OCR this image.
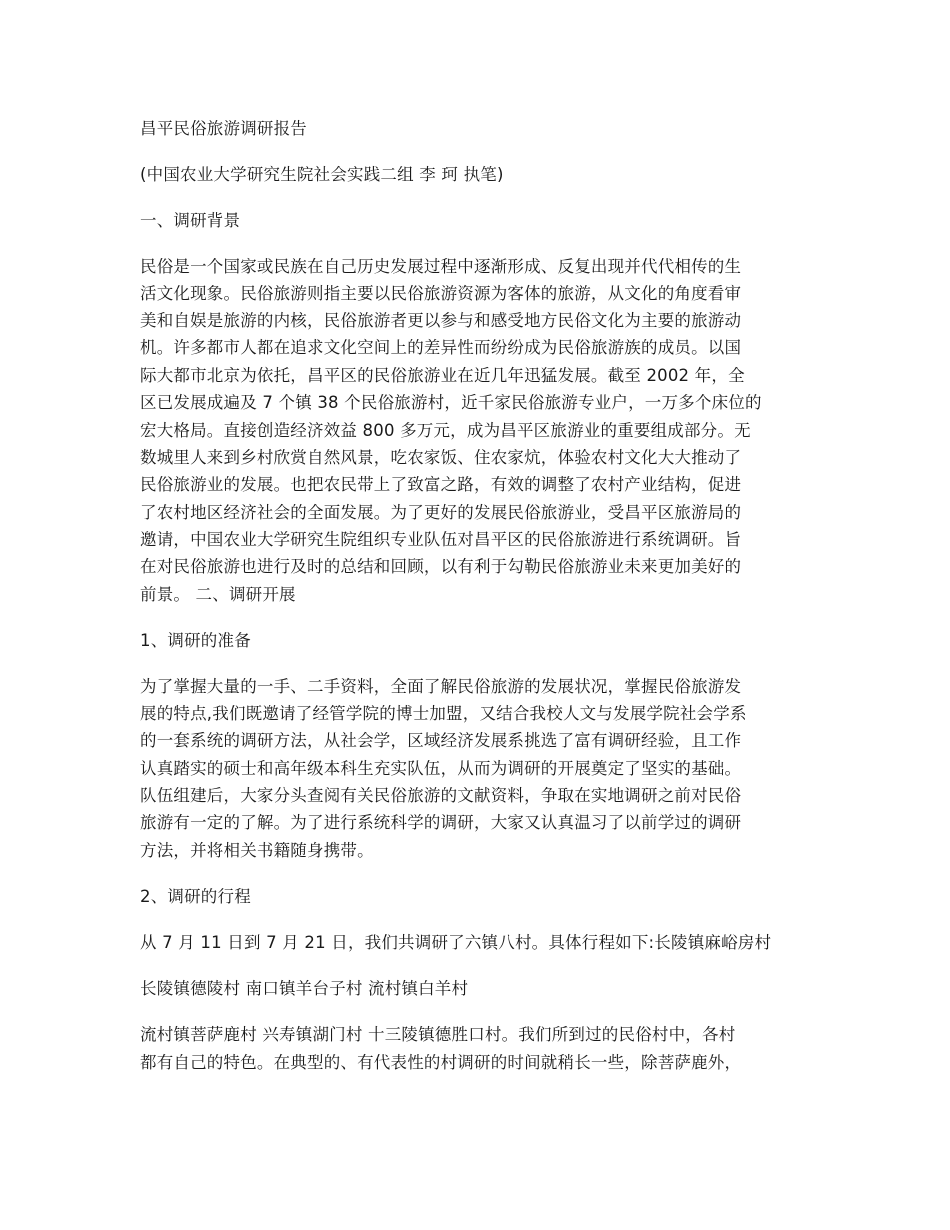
昌平民俗旅游调研报告
(中国农业大学研究生院社会实践二组 李 珂 执笔)
一、调研背景
民俗是一个国家或民族在自己历史发展过程中逐渐形成、反复出现并代代相传的生
活文化现象。民俗旅游则指主要以民俗旅游资源为客体的旅游，从文化的角度看审
美和自娱是旅游的内核，民俗旅游者更以参与和感受地方民俗文化为主要的旅游动
机。许多都市人都在追求文化空间上的差异性而纷纷成为民俗旅游族的成员。以国
际大都市北京为依托，昌平区的民俗旅游业在近几年迅猛发展。截至 2002 年，全
区已发展成遍及 7 个镇 38 个民俗旅游村，近千家民俗旅游专业户，一万多个床位的
宏大格局。直接创造经济效益 800 多万元，成为昌平区旅游业的重要组成部分。无
数城里人来到乡村欣赏自然风景，吃农家饭、住农家炕，体验农村文化大大推动了
民俗旅游业的发展。也把农民带上了致富之路，有效的调整了农村产业结构，促进
了农村地区经济社会的全面发展。为了更好的发展民俗旅游业，受昌平区旅游局的
邀请，中国农业大学研究生院组织专业队伍对昌平区的民俗旅游进行系统调研。旨
在对民俗旅游也进行及时的总结和回顾，以有利于勾勒民俗旅游业未来更加美好的
前景。 二、调研开展
1、调研的准备
为了掌握大量的一手、二手资料，全面了解民俗旅游的发展状况，掌握民俗旅游发
展的特点,我们既邀请了经管学院的博士加盟，又结合我校人文与发展学院社会学系
的一套系统的调研方法，从社会学，区域经济发展系挑选了富有调研经验，且工作
认真踏实的硕士和高年级本科生充实队伍，从而为调研的开展奠定了坚实的基础。
队伍组建后，大家分头查阅有关民俗旅游的文献资料，争取在实地调研之前对民俗
旅游有一定的了解。为了进行系统科学的调研，大家又认真温习了以前学过的调研
方法，并将相关书籍随身携带。
2、调研的行程
从 7 月 11 日到 7 月 21 日，我们共调研了六镇八村。具体行程如下:长陵镇麻峪房村
长陵镇德陵村 南口镇羊台子村 流村镇白羊村
流村镇菩萨鹿村 兴寿镇湖门村 十三陵镇德胜口村。我们所到过的民俗村中，各村
都有自己的特色。在典型的、有代表性的村调研的时间就稍长一些，除菩萨鹿外，
